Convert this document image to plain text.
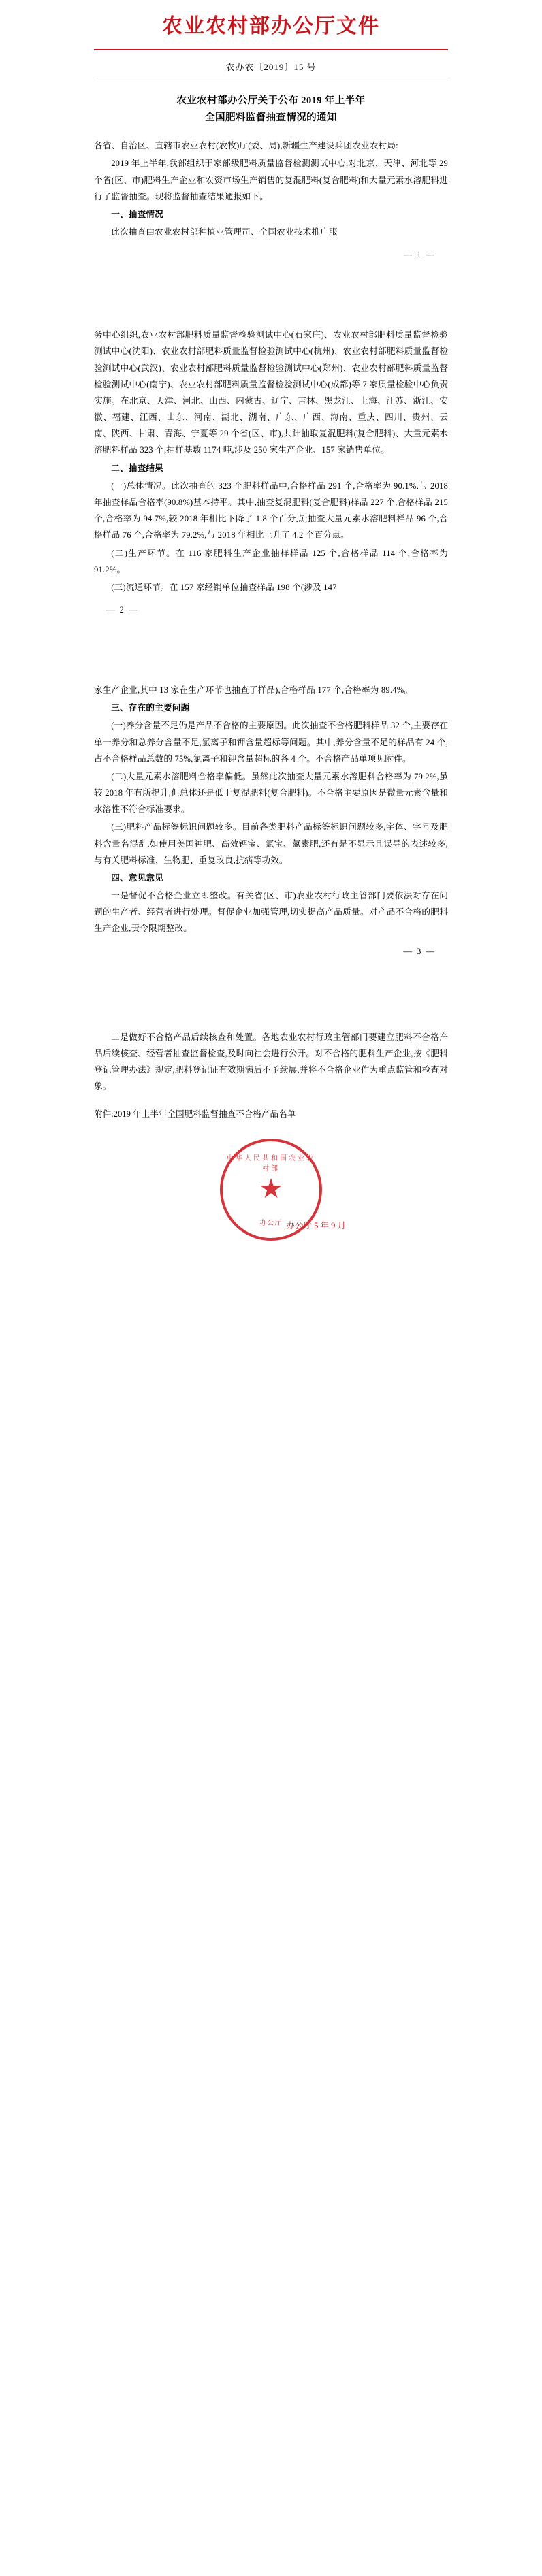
农业农村部办公厅文件
农办农〔2019〕15 号
农业农村部办公厅关于公布 2019 年上半年
全国肥料监督抽查情况的通知

各省、自治区、直辖市农业农村(农牧)厅(委、局),新疆生产建设兵团农业农村局:

2019 年上半年,我部组织于家部级肥料质量监督检测测试中心,对北京、天津、河北等 29 个省(区、市)肥料生产企业和农资市场生产销售的复混肥料(复合肥料)和大量元素水溶肥料进行了监督抽查。现将监督抽查结果通报如下。

一、抽查情况

此次抽查由农业农村部种植业管理司、全国农业技术推广服

— 1 —

务中心组织,农业农村部肥料质量监督检验测试中心(石家庄)、农业农村部肥料质量监督检验测试中心(沈阳)、农业农村部肥料质量监督检验测试中心(杭州)、农业农村部肥料质量监督检验测试中心(武汉)、农业农村部肥料质量监督检验测试中心(郑州)、农业农村部肥料质量监督检验测试中心(南宁)、农业农村部肥料质量监督检验测试中心(成都)等 7 家质量检验中心负责实施。在北京、天津、河北、山西、内蒙古、辽宁、吉林、黑龙江、上海、江苏、浙江、安徽、福建、江西、山东、河南、湖北、湖南、广东、广西、海南、重庆、四川、贵州、云南、陕西、甘肃、青海、宁夏等 29 个省(区、市),共计抽取复混肥料(复合肥料)、大量元素水溶肥料样品 323 个,抽样基数 1174 吨,涉及 250 家生产企业、157 家销售单位。

二、抽查结果

(一)总体情况。此次抽查的 323 个肥料样品中,合格样品 291 个,合格率为 90.1%,与 2018 年抽查样品合格率(90.8%)基本持平。其中,抽查复混肥料(复合肥料)样品 227 个,合格样品 215 个,合格率为 94.7%,较 2018 年相比下降了 1.8 个百分点;抽查大量元素水溶肥料样品 96 个,合格样品 76 个,合格率为 79.2%,与 2018 年相比上升了 4.2 个百分点。

(二)生产环节。在 116 家肥料生产企业抽样样品 125 个,合格样品 114 个,合格率为 91.2%。

(三)流通环节。在 157 家经销单位抽查样品 198 个(涉及 147

— 2 —

家生产企业,其中 13 家在生产环节也抽查了样品),合格样品 177 个,合格率为 89.4%。

三、存在的主要问题

(一)养分含量不足仍是产品不合格的主要原因。此次抽查不合格肥料样品 32 个,主要存在单一养分和总养分含量不足,氯离子和钾含量超标等问题。其中,养分含量不足的样品有 24 个,占不合格样品总数的 75%,氯离子和钾含量超标的各 4 个。不合格产品单项见附件。

(二)大量元素水溶肥料合格率偏低。虽然此次抽查大量元素水溶肥料合格率为 79.2%,虽较 2018 年有所提升,但总体还是低于复混肥料(复合肥料)。不合格主要原因是微量元素含量和水溶性不符合标准要求。

(三)肥料产品标签标识问题较多。目前各类肥料产品标签标识问题较多,字体、字号及肥料含量名混乱,如使用美国神肥、高效钙宝、氯宝、氮素肥,还有是不显示且误导的表述较多,与有关肥料标准、生物肥、重复改良,抗病等功效。

四、意见意见

一是督促不合格企业立即整改。有关省(区、市)农业农村行政主管部门要依法对存在问题的生产者、经营者进行处理。督促企业加强管理,切实提高产品质量。对产品不合格的肥料生产企业,责令限期整改。

— 3 —

二是做好不合格产品后续核查和处置。各地农业农村行政主管部门要建立肥料不合格产品后续核查、经营者抽查监督检查,及时向社会进行公开。对不合格的肥料生产企业,按《肥料登记管理办法》规定,肥料登记证有效期满后不予续展,并将不合格企业作为重点监管和检查对象。

附件:2019 年上半年全国肥料监督抽查不合格产品名单

办公厅 5 年 9 月
中华人民共和国农业农村部
★
办公厅
